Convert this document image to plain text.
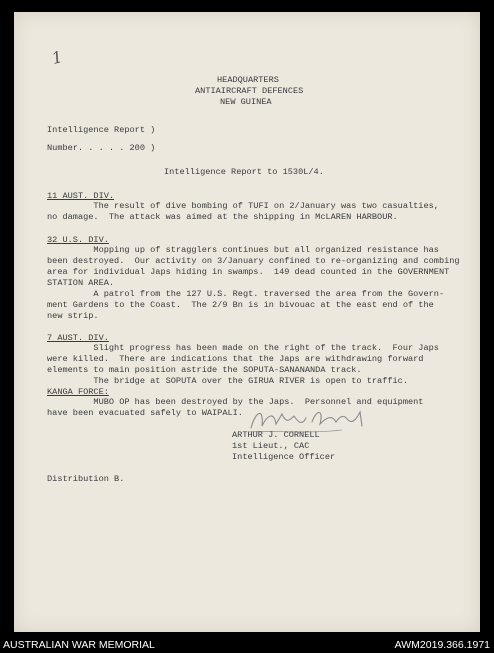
1
HEADQUARTERS
ANTIAIRCRAFT DEFENCES
NEW GUINEA
Intelligence Report )
Number. . . . . 200 )
Intelligence Report to 1530L/4.
11 AUST. DIV.
The result of dive bombing of TUFI on 2/January was two casualties,
no damage.  The attack was aimed at the shipping in McLAREN HARBOUR.
32 U.S. DIV.
Mopping up of stragglers continues but all organized resistance has
been destroyed.  Our activity on 3/January confined to re-organizing and combing
area for individual Japs hiding in swamps.  149 dead counted in the GOVERNMENT
STATION AREA.
A patrol from the 127 U.S. Regt. traversed the area from the Govern-
ment Gardens to the Coast.  The 2/9 Bn is in bivouac at the east end of the
new strip.
7 AUST. DIV.
Slight progress has been made on the right of the track.  Four Japs
were killed.  There are indications that the Japs are withdrawing forward
elements to main position astride the SOPUTA-SANANANDA track.
The bridge at SOPUTA over the GIRUA RIVER is open to traffic.
KANGA FORCE:
MUBO OP has been destroyed by the Japs.  Personnel and equipment
have been evacuated safely to WAIPALI.
ARTHUR J. CORNELL
1st Lieut., CAC
Intelligence Officer
Distribution B.
AUSTRALIAN WAR MEMORIAL	AWM2019.366.1971
